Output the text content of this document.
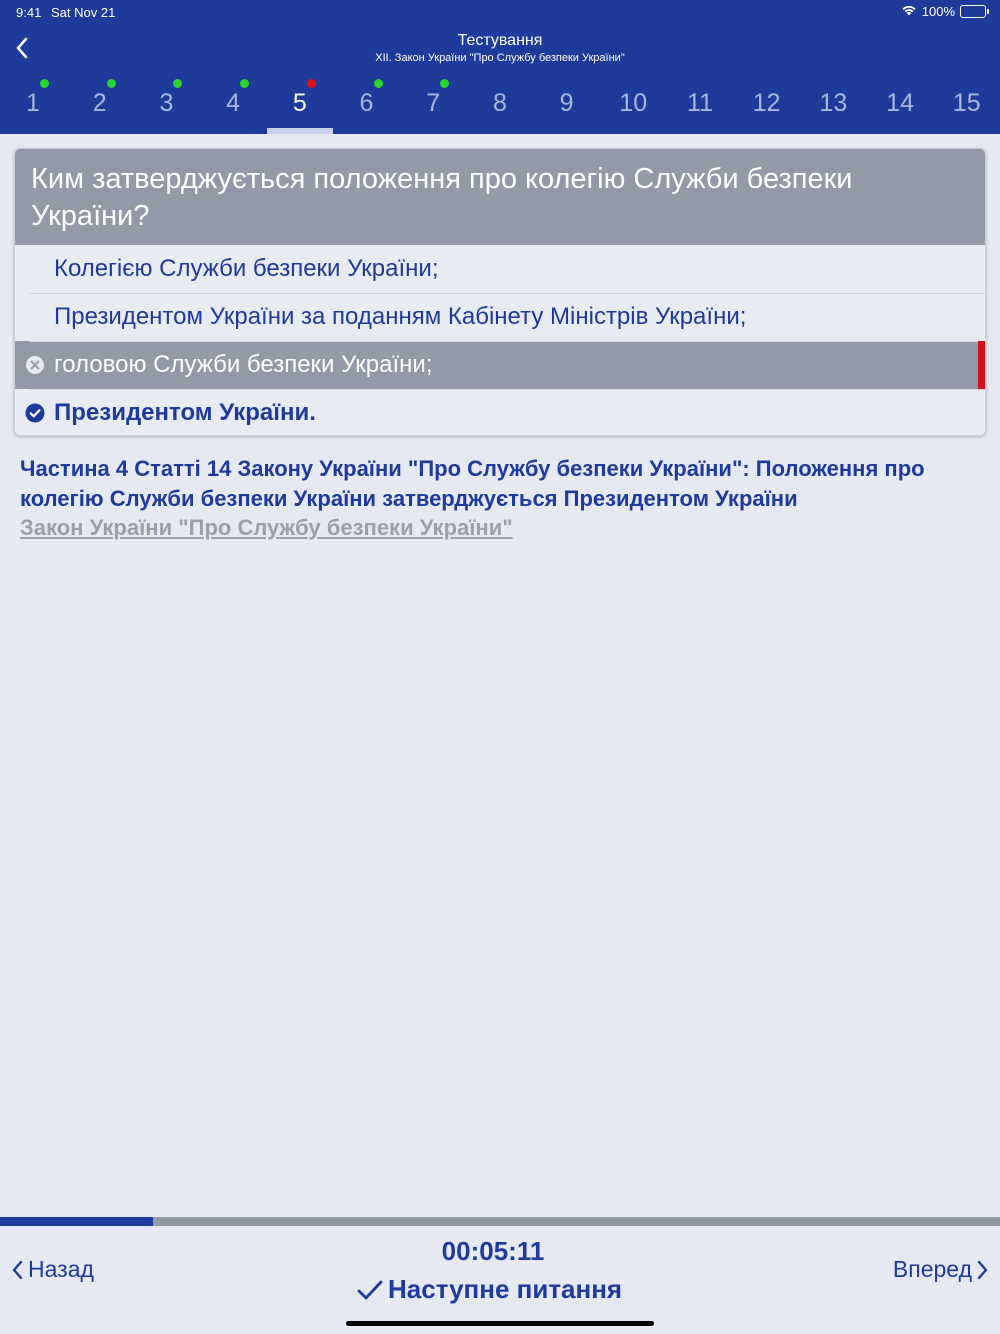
9:41 Sat Nov 21	100%
Тестування
XII. Закон України "Про Службу безпеки України"
1	2	3	4	5	6	7	8	9	10	11	12	13	14	15
Ким затверджується положення про колегію Служби безпеки України?
Колегією Служби безпеки України;
Президентом України за поданням Кабінету Міністрів України;
головою Служби безпеки України;
Президентом України.
Частина 4 Статті 14 Закону України "Про Службу безпеки України": Положення про колегію Служби безпеки України затверджується Президентом України
Закон України "Про Службу безпеки України"
Назад
00:05:11
Наступне питання
Вперед
